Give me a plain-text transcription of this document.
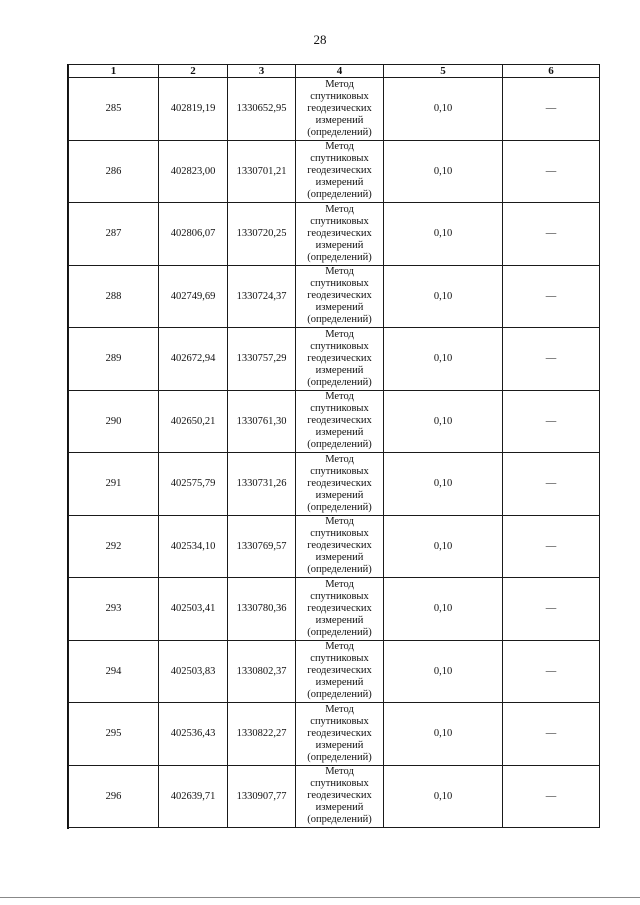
28
1	2	3	4	5	6
285	402819,19	1330652,95	Метод
спутниковых
геодезических
измерений
(определений)	0,10	—
286	402823,00	1330701,21	Метод
спутниковых
геодезических
измерений
(определений)	0,10	—
287	402806,07	1330720,25	Метод
спутниковых
геодезических
измерений
(определений)	0,10	—
288	402749,69	1330724,37	Метод
спутниковых
геодезических
измерений
(определений)	0,10	—
289	402672,94	1330757,29	Метод
спутниковых
геодезических
измерений
(определений)	0,10	—
290	402650,21	1330761,30	Метод
спутниковых
геодезических
измерений
(определений)	0,10	—
291	402575,79	1330731,26	Метод
спутниковых
геодезических
измерений
(определений)	0,10	—
292	402534,10	1330769,57	Метод
спутниковых
геодезических
измерений
(определений)	0,10	—
293	402503,41	1330780,36	Метод
спутниковых
геодезических
измерений
(определений)	0,10	—
294	402503,83	1330802,37	Метод
спутниковых
геодезических
измерений
(определений)	0,10	—
295	402536,43	1330822,27	Метод
спутниковых
геодезических
измерений
(определений)	0,10	—
296	402639,71	1330907,77	Метод
спутниковых
геодезических
измерений
(определений)	0,10	—
